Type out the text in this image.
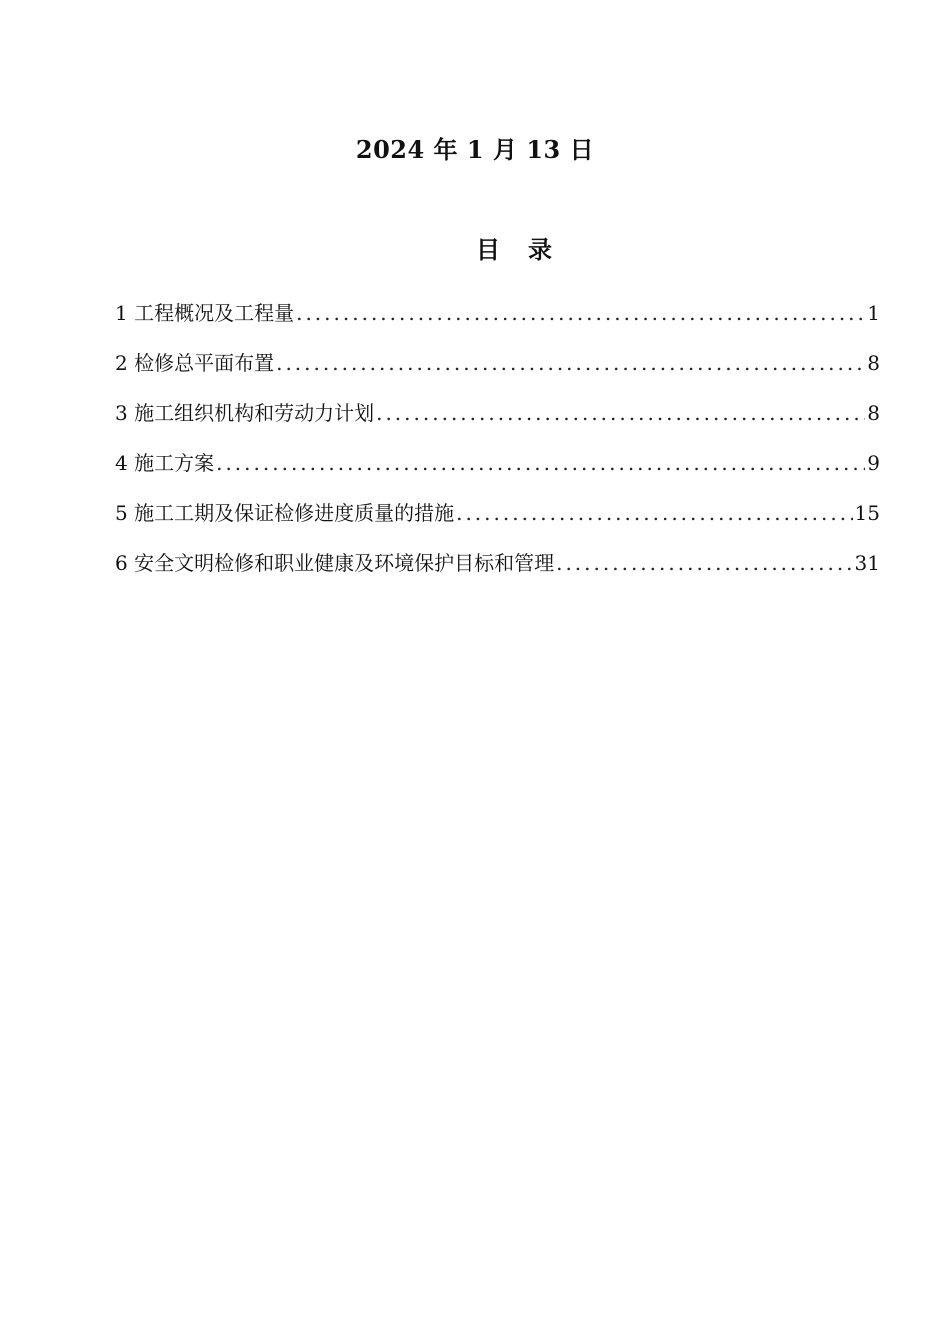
2024 年 1 月 13 日
目录
1 工程概况及工程量 .....	1
2 检修总平面布置 .....	8
3 施工组织机构和劳动力计划 .....	8
4 施工方案 .....	9
5 施工工期及保证检修进度质量的措施 .....	15
6 安全文明检修和职业健康及环境保护目标和管理 .....	31
